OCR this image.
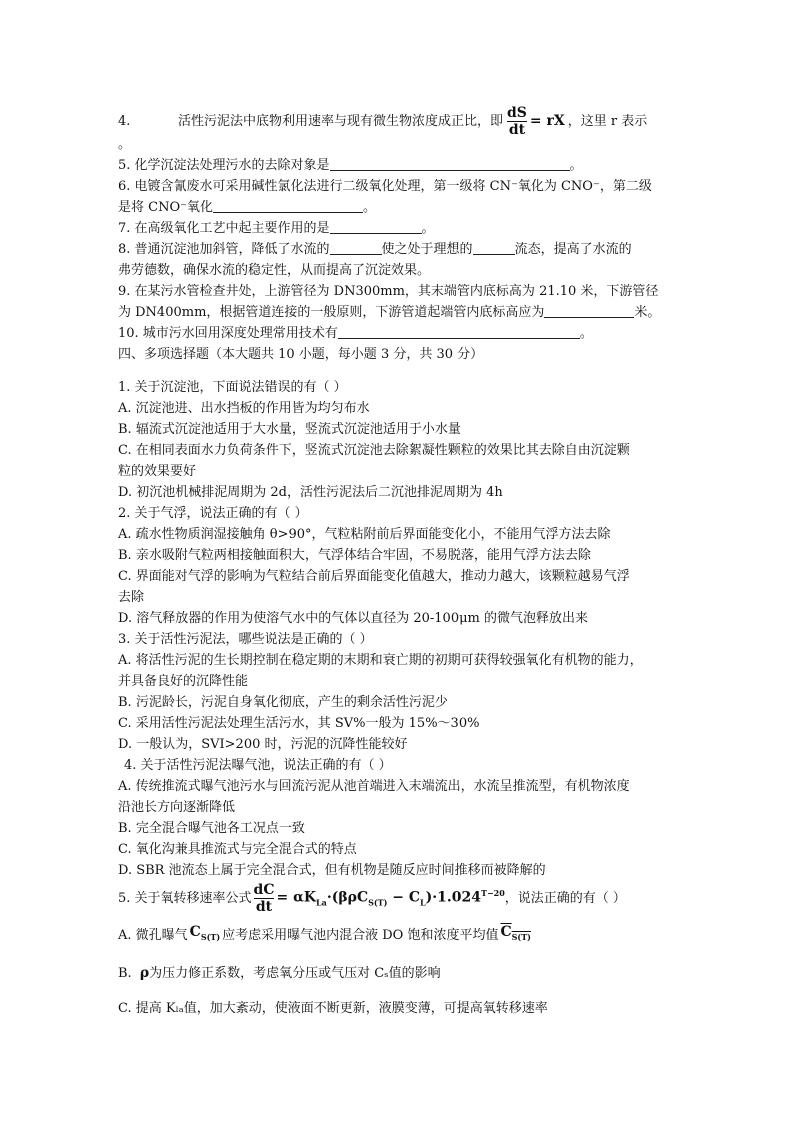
4.	活性污泥法中底物利用速率与现有微生物浓度成正比，即 $\frac{dS}{dt}$ = rX ，这里 r 表示
。
5. 化学沉淀法处理污水的去除对象是	。
6. 电镀含氰废水可采用碱性氯化法进行二级氧化处理，第一级将 CN⁻氧化为 CNO⁻，第二级
是将 CNO⁻氧化	。
7. 在高级氧化工艺中起主要作用的是	。
8. 普通沉淀池加斜管，降低了水流的	使之处于理想的	流态，提高了水流的
弗劳德数，确保水流的稳定性，从而提高了沉淀效果。
9. 在某污水管检查井处，上游管径为 DN300mm，其末端管内底标高为 21.10 米，下游管径
为 DN400mm，根据管道连接的一般原则，下游管道起端管内底标高应为	米。
10. 城市污水回用深度处理常用技术有	。
四、多项选择题（本大题共 10 小题，每小题 3 分，共 30 分）
1. 关于沉淀池，下面说法错误的有（ ）
A. 沉淀池进、出水挡板的作用皆为均匀布水
B. 辐流式沉淀池适用于大水量，竖流式沉淀池适用于小水量
C. 在相同表面水力负荷条件下，竖流式沉淀池去除絮凝性颗粒的效果比其去除自由沉淀颗
粒的效果要好
D. 初沉池机械排泥周期为 2d，活性污泥法后二沉池排泥周期为 4h
2. 关于气浮，说法正确的有（ ）
A. 疏水性物质润湿接触角 θ>90°，气粒粘附前后界面能变化小，不能用气浮方法去除
B. 亲水吸附气粒两相接触面积大，气浮体结合牢固，不易脱落，能用气浮方法去除
C. 界面能对气浮的影响为气粒结合前后界面能变化值越大，推动力越大，该颗粒越易气浮
去除
D. 溶气释放器的作用为使溶气水中的气体以直径为 20-100μm 的微气泡释放出来
3. 关于活性污泥法，哪些说法是正确的（ ）
A. 将活性污泥的生长期控制在稳定期的末期和衰亡期的初期可获得较强氧化有机物的能力，
并具备良好的沉降性能
B. 污泥龄长，污泥自身氧化彻底，产生的剩余活性污泥少
C. 采用活性污泥法处理生活污水，其 SV%一般为 15%～30%
D. 一般认为，SVI>200 时，污泥的沉降性能较好
4. 关于活性污泥法曝气池，说法正确的有（ ）
A. 传统推流式曝气池污水与回流污泥从池首端进入末端流出，水流呈推流型，有机物浓度
沿池长方向逐渐降低
B. 完全混合曝气池各工况点一致
C. 氧化沟兼具推流式与完全混合式的特点
D. SBR 池流态上属于完全混合式，但有机物是随反应时间推移而被降解的
5. 关于氧转移速率公式 $\frac{dC}{dt} = \alpha K_{La}\cdot(\beta\rho C_{S(T)} - C_L)\cdot 1.024^{T-20}$ ，说法正确的有（ ）
A. 微孔曝气 $C_{S(T)}$ 应考虑采用曝气池内混合液 DO 饱和浓度平均值 $C_{S(T)}$
B. ρ为压力修正系数，考虑氧分压或气压对 Cₛ值的影响
C. 提高 Kₗₐ值，加大紊动，使液面不断更新，液膜变薄，可提高氧转移速率
